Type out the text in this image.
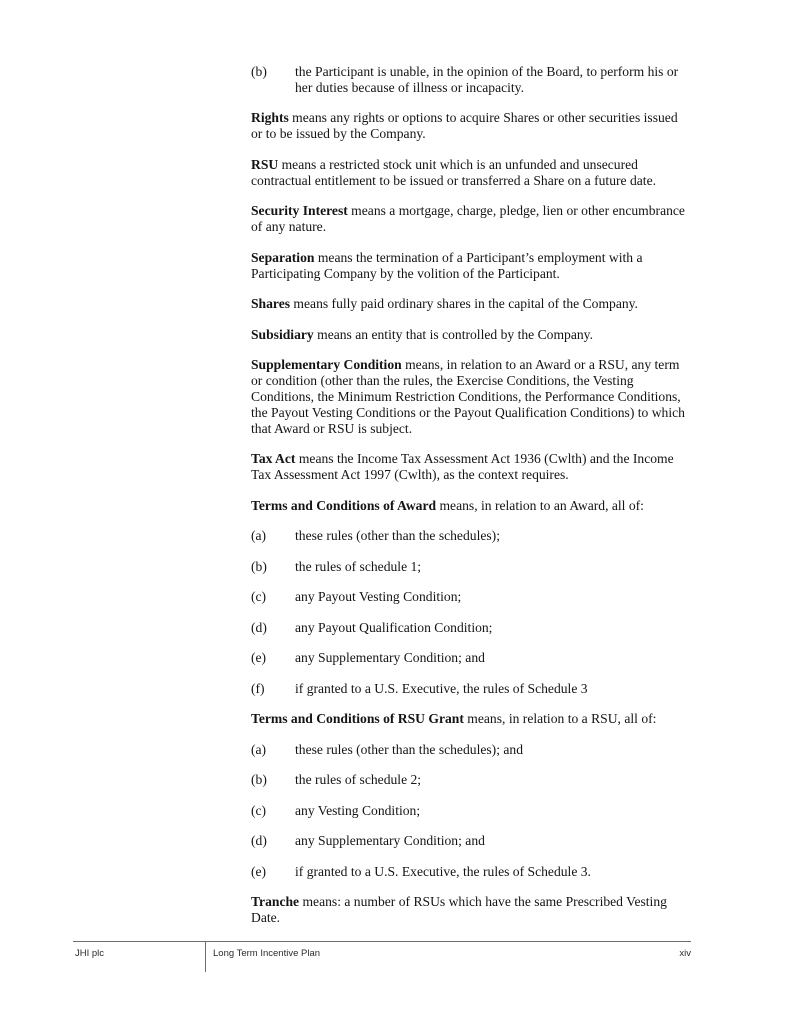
(b)	the Participant is unable, in the opinion of the Board, to perform his or her duties because of illness or incapacity.

Rights means any rights or options to acquire Shares or other securities issued or to be issued by the Company.

RSU means a restricted stock unit which is an unfunded and unsecured contractual entitlement to be issued or transferred a Share on a future date.

Security Interest means a mortgage, charge, pledge, lien or other encumbrance of any nature.

Separation means the termination of a Participant’s employment with a Participating Company by the volition of the Participant.

Shares means fully paid ordinary shares in the capital of the Company.

Subsidiary means an entity that is controlled by the Company.

Supplementary Condition means, in relation to an Award or a RSU, any term or condition (other than the rules, the Exercise Conditions, the Vesting Conditions, the Minimum Restriction Conditions, the Performance Conditions, the Payout Vesting Conditions or the Payout Qualification Conditions) to which that Award or RSU is subject.

Tax Act means the Income Tax Assessment Act 1936 (Cwlth) and the Income Tax Assessment Act 1997 (Cwlth), as the context requires.

Terms and Conditions of Award means, in relation to an Award, all of:

(a)	these rules (other than the schedules);
(b)	the rules of schedule 1;
(c)	any Payout Vesting Condition;
(d)	any Payout Qualification Condition;
(e)	any Supplementary Condition; and
(f)	if granted to a U.S. Executive, the rules of Schedule 3

Terms and Conditions of RSU Grant means, in relation to a RSU, all of:

(a)	these rules (other than the schedules); and
(b)	the rules of schedule 2;
(c)	any Vesting Condition;
(d)	any Supplementary Condition; and
(e)	if granted to a U.S. Executive, the rules of Schedule 3.

Tranche means: a number of RSUs which have the same Prescribed Vesting Date.

JHI plc	Long Term Incentive Plan	xiv
